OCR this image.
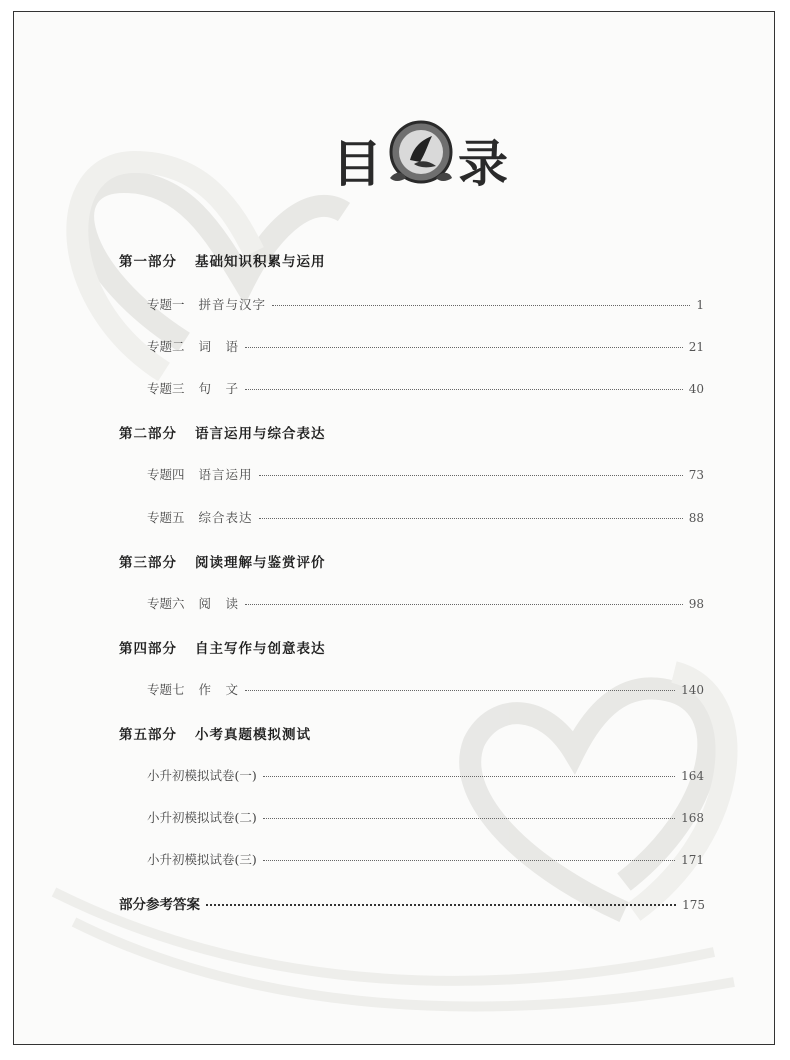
目 录
第一部分 基础知识积累与运用
专题一 拼音与汉字	1
专题二 词　语	21
专题三 句　子	40
第二部分 语言运用与综合表达
专题四 语言运用	73
专题五 综合表达	88
第三部分 阅读理解与鉴赏评价
专题六 阅　读	98
第四部分 自主写作与创意表达
专题七 作　文	140
第五部分 小考真题模拟测试
小升初模拟试卷(一)	164
小升初模拟试卷(二)	168
小升初模拟试卷(三)	171
部分参考答案	175
